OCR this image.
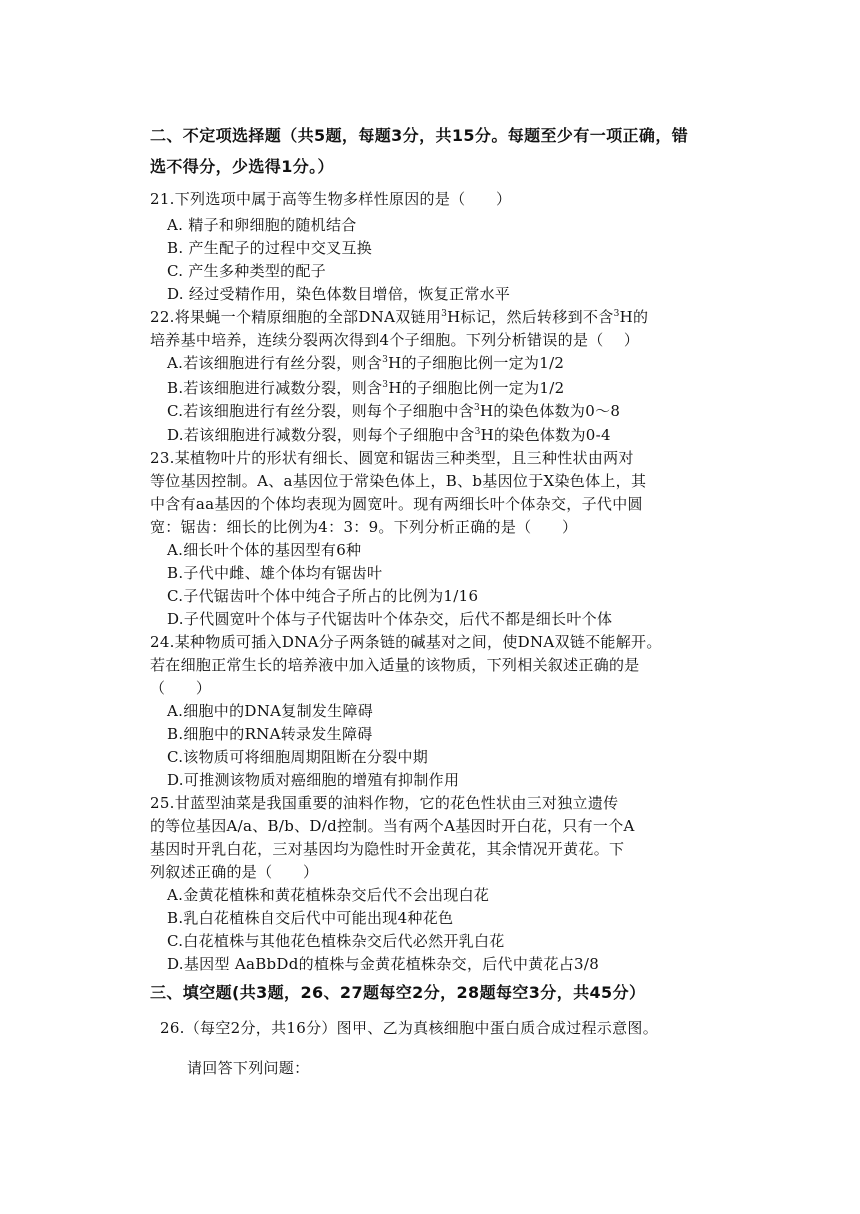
二、不定项选择题（共5题，每题3分，共15分。每题至少有一项正确，错
选不得分，少选得1分。）
21.下列选项中属于高等生物多样性原因的是（　　）
A. 精子和卵细胞的随机结合
B. 产生配子的过程中交叉互换
C. 产生多种类型的配子
D. 经过受精作用，染色体数目增倍，恢复正常水平
22.将果蝇一个精原细胞的全部DNA双链用$^3$H标记，然后转移到不含$^3$H的
培养基中培养，连续分裂两次得到4个子细胞。下列分析错误的是（　 ）
A.若该细胞进行有丝分裂，则含$^3$H的子细胞比例一定为1/2
B.若该细胞进行减数分裂，则含$^3$H的子细胞比例一定为1/2
C.若该细胞进行有丝分裂，则每个子细胞中含$^3$H的染色体数为0～8
D.若该细胞进行减数分裂，则每个子细胞中含$^3$H的染色体数为0-4
23.某植物叶片的形状有细长、圆宽和锯齿三种类型，且三种性状由两对
等位基因控制。A、a基因位于常染色体上，B、b基因位于X染色体上，其
中含有aa基因的个体均表现为圆宽叶。现有两细长叶个体杂交，子代中圆
宽：锯齿：细长的比例为4：3：9。下列分析正确的是（　　）
A.细长叶个体的基因型有6种
B.子代中雌、雄个体均有锯齿叶
C.子代锯齿叶个体中纯合子所占的比例为1/16
D.子代圆宽叶个体与子代锯齿叶个体杂交，后代不都是细长叶个体
24.某种物质可插入DNA分子两条链的碱基对之间，使DNA双链不能解开。
若在细胞正常生长的培养液中加入适量的该物质，下列相关叙述正确的是
（　　）
A.细胞中的DNA复制发生障碍
B.细胞中的RNA转录发生障碍
C.该物质可将细胞周期阻断在分裂中期
D.可推测该物质对癌细胞的增殖有抑制作用
25.甘蓝型油菜是我国重要的油料作物，它的花色性状由三对独立遗传
的等位基因A/a、B/b、D/d控制。当有两个A基因时开白花，只有一个A
基因时开乳白花，三对基因均为隐性时开金黄花，其余情况开黄花。下
列叙述正确的是（　　）
A.金黄花植株和黄花植株杂交后代不会出现白花
B.乳白花植株自交后代中可能出现4种花色
C.白花植株与其他花色植株杂交后代必然开乳白花
D.基因型 AaBbDd的植株与金黄花植株杂交，后代中黄花占3/8
三、填空题(共3题，26、27题每空2分，28题每空3分，共45分）
26.（每空2分，共16分）图甲、乙为真核细胞中蛋白质合成过程示意图。
请回答下列问题：
